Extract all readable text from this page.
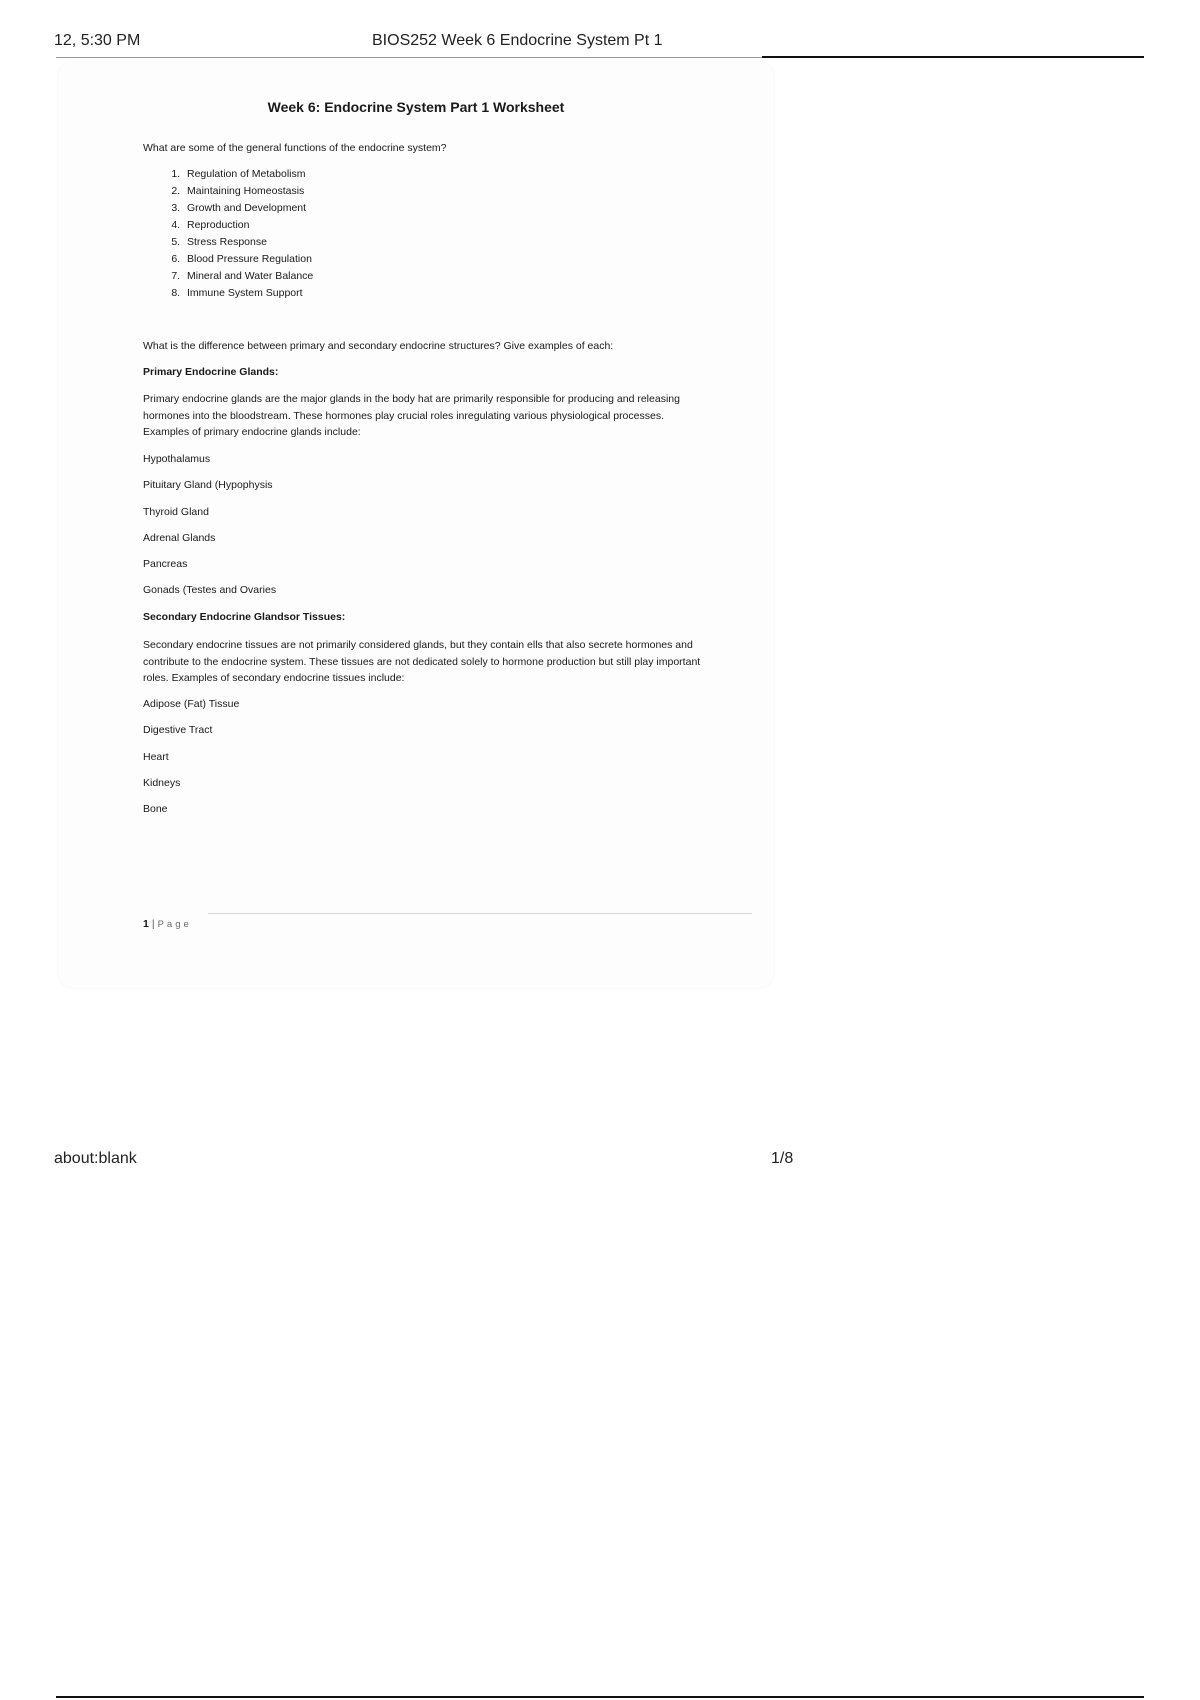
12, 5:30 PM	BIOS252 Week 6 Endocrine System Pt 1
Week 6: Endocrine System Part 1 Worksheet
What are some of the general functions of the endocrine system?
1. Regulation of Metabolism
2. Maintaining Homeostasis
3. Growth and Development
4. Reproduction
5. Stress Response
6. Blood Pressure Regulation
7. Mineral and Water Balance
8. Immune System Support
What is the difference between primary and secondary endocrine structures? Give examples of each:
Primary Endocrine Glands:

Primary endocrine glands are the major glands in the body hat are primarily responsible for producing and releasing hormones into the bloodstream. These hormones play crucial roles inregulating various physiological processes. Examples of primary endocrine glands include:

Hypothalamus
Pituitary Gland (Hypophysis
Thyroid Gland
Adrenal Glands
Pancreas
Gonads (Testes and Ovaries
Secondary Endocrine Glandsor Tissues:

Secondary endocrine tissues are not primarily considered glands, but they contain ells that also secrete hormones and contribute to the endocrine system. These tissues are not dedicated solely to hormone production but still play important roles. Examples of secondary endocrine tissues include:

Adipose (Fat) Tissue
Digestive Tract
Heart
Kidneys
Bone
1 | Page
about:blank	1/8
